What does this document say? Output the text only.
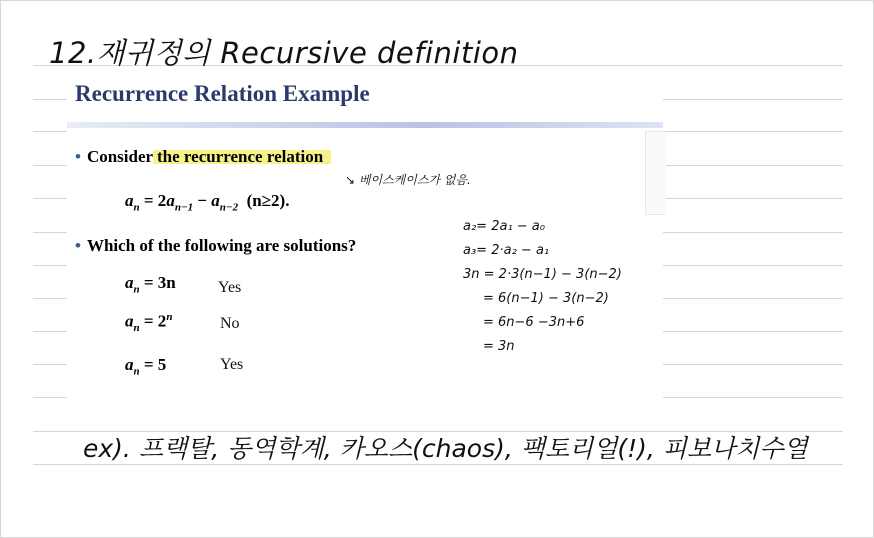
12.재귀정의 Recursive definition
Recurrence Relation Example
• Consider the recurrence relation
$a_n = 2a_{n-1} - a_{n-2}$ (n≥2).
• Which of the following are solutions?
$a_n = 3n$	Yes
$a_n = 2^n$	No
$a_n = 5$	Yes
↘ 베이스케이스가 없음.
a₂= 2a₁ − a₀
a₃= 2·a₂ − a₁
3n = 2·3(n−1) − 3(n−2)
= 6(n−1) − 3(n−2)
= 6n−6 −3n+6
= 3n
ex). 프랙탈, 동역학계, 카오스(chaos), 팩토리얼(!), 피보나치수열
